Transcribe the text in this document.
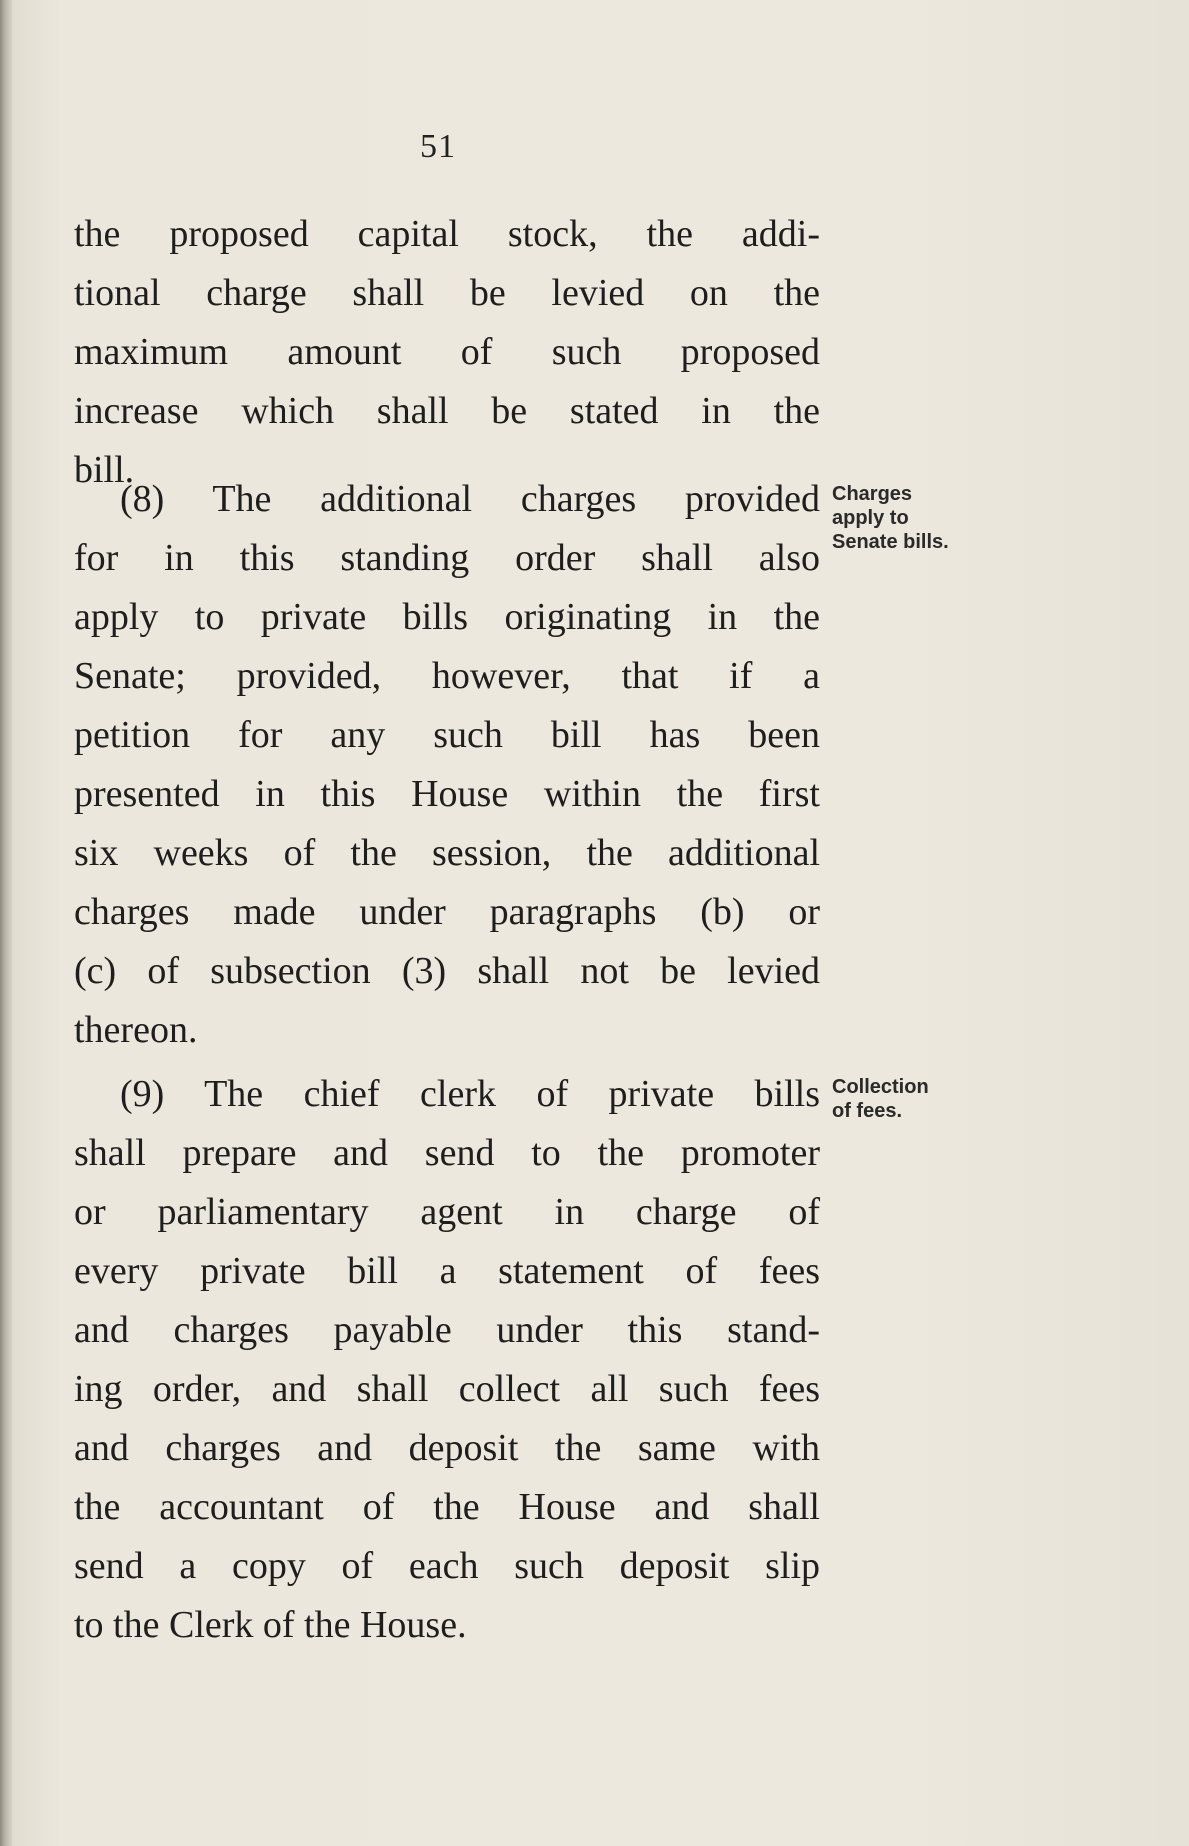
51
the proposed capital stock, the addi-
tional charge shall be levied on the
maximum amount of such proposed
increase which shall be stated in the
bill.
(8) The additional charges provided
for in this standing order shall also
apply to private bills originating in the
Senate; provided, however, that if a
petition for any such bill has been
presented in this House within the first
six weeks of the session, the additional
charges made under paragraphs (b) or
(c) of subsection (3) shall not be levied
thereon.
Charges
apply to
Senate bills.
(9) The chief clerk of private bills
shall prepare and send to the promoter
or parliamentary agent in charge of
every private bill a statement of fees
and charges payable under this stand-
ing order, and shall collect all such fees
and charges and deposit the same with
the accountant of the House and shall
send a copy of each such deposit slip
to the Clerk of the House.
Collection
of fees.
